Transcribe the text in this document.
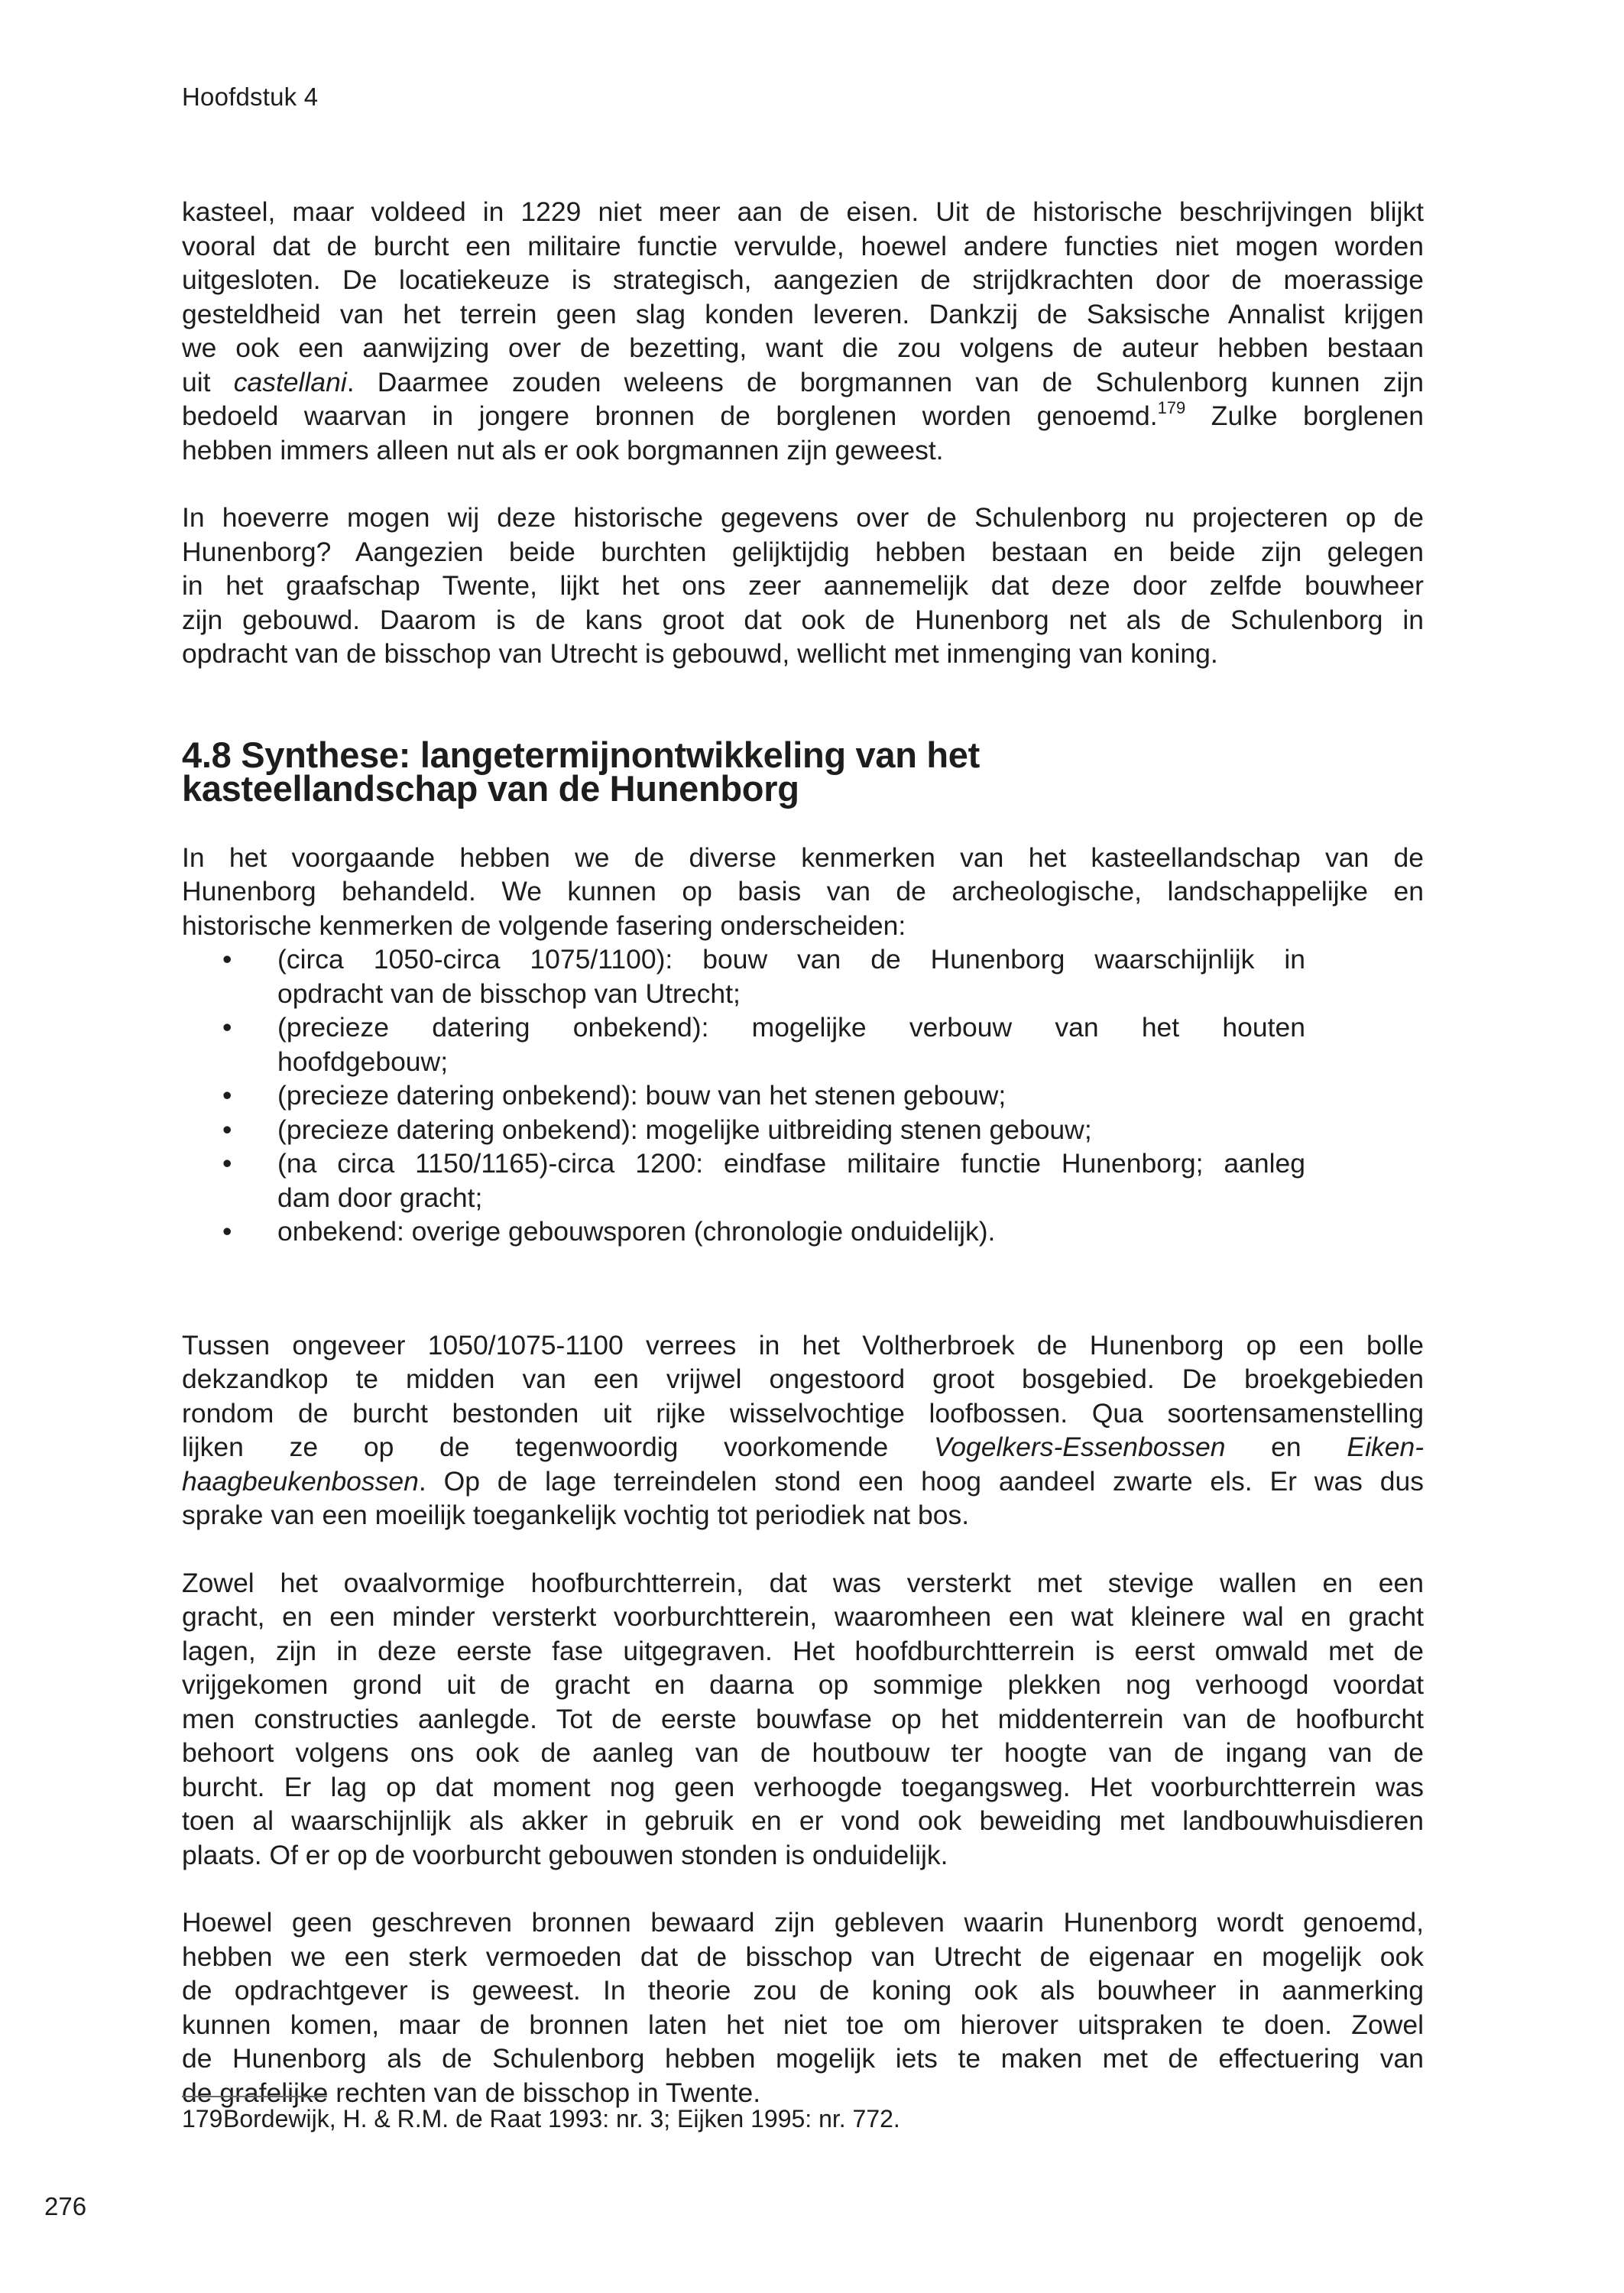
Hoofdstuk 4

kasteel, maar voldeed in 1229 niet meer aan de eisen. Uit de historische beschrijvingen blijkt
vooral dat de burcht een militaire functie vervulde, hoewel andere functies niet mogen worden
uitgesloten. De locatiekeuze is strategisch, aangezien de strijdkrachten door de moerassige
gesteldheid van het terrein geen slag konden leveren. Dankzij de Saksische Annalist krijgen
we ook een aanwijzing over de bezetting, want die zou volgens de auteur hebben bestaan
uit castellani. Daarmee zouden weleens de borgmannen van de Schulenborg kunnen zijn
bedoeld waarvan in jongere bronnen de borglenen worden genoemd.$^{179}$ Zulke borglenen
hebben immers alleen nut als er ook borgmannen zijn geweest.

In hoeverre mogen wij deze historische gegevens over de Schulenborg nu projecteren op de
Hunenborg? Aangezien beide burchten gelijktijdig hebben bestaan en beide zijn gelegen
in het graafschap Twente, lijkt het ons zeer aannemelijk dat deze door zelfde bouwheer
zijn gebouwd. Daarom is de kans groot dat ook de Hunenborg net als de Schulenborg in
opdracht van de bisschop van Utrecht is gebouwd, wellicht met inmenging van koning.

4.8 Synthese: langetermijnontwikkeling van het
kasteellandschap van de Hunenborg

In het voorgaande hebben we de diverse kenmerken van het kasteellandschap van de
Hunenborg behandeld. We kunnen op basis van de archeologische, landschappelijke en
historische kenmerken de volgende fasering onderscheiden:

• (circa 1050-circa 1075/1100): bouw van de Hunenborg waarschijnlijk in
opdracht van de bisschop van Utrecht;
• (precieze datering onbekend): mogelijke verbouw van het houten
hoofdgebouw;
• (precieze datering onbekend): bouw van het stenen gebouw;
• (precieze datering onbekend): mogelijke uitbreiding stenen gebouw;
• (na circa 1150/1165)-circa 1200: eindfase militaire functie Hunenborg; aanleg
dam door gracht;
• onbekend: overige gebouwsporen (chronologie onduidelijk).

Tussen ongeveer 1050/1075-1100 verrees in het Voltherbroek de Hunenborg op een bolle
dekzandkop te midden van een vrijwel ongestoord groot bosgebied. De broekgebieden
rondom de burcht bestonden uit rijke wisselvochtige loofbossen. Qua soortensamenstelling
lijken ze op de tegenwoordig voorkomende Vogelkers-Essenbossen en Eiken-
haagbeukenbossen. Op de lage terreindelen stond een hoog aandeel zwarte els. Er was dus
sprake van een moeilijk toegankelijk vochtig tot periodiek nat bos.

Zowel het ovaalvormige hoofburchtterrein, dat was versterkt met stevige wallen en een
gracht, en een minder versterkt voorburchtterein, waaromheen een wat kleinere wal en gracht
lagen, zijn in deze eerste fase uitgegraven. Het hoofdburchtterrein is eerst omwald met de
vrijgekomen grond uit de gracht en daarna op sommige plekken nog verhoogd voordat
men constructies aanlegde. Tot de eerste bouwfase op het middenterrein van de hoofburcht
behoort volgens ons ook de aanleg van de houtbouw ter hoogte van de ingang van de
burcht. Er lag op dat moment nog geen verhoogde toegangsweg. Het voorburchtterrein was
toen al waarschijnlijk als akker in gebruik en er vond ook beweiding met landbouwhuisdieren
plaats. Of er op de voorburcht gebouwen stonden is onduidelijk.

Hoewel geen geschreven bronnen bewaard zijn gebleven waarin Hunenborg wordt genoemd,
hebben we een sterk vermoeden dat de bisschop van Utrecht de eigenaar en mogelijk ook
de opdrachtgever is geweest. In theorie zou de koning ook als bouwheer in aanmerking
kunnen komen, maar de bronnen laten het niet toe om hierover uitspraken te doen. Zowel
de Hunenborg als de Schulenborg hebben mogelijk iets te maken met de effectuering van
de grafelijke rechten van de bisschop in Twente.

179Bordewijk, H. & R.M. de Raat 1993: nr. 3; Eijken 1995: nr. 772.
276
